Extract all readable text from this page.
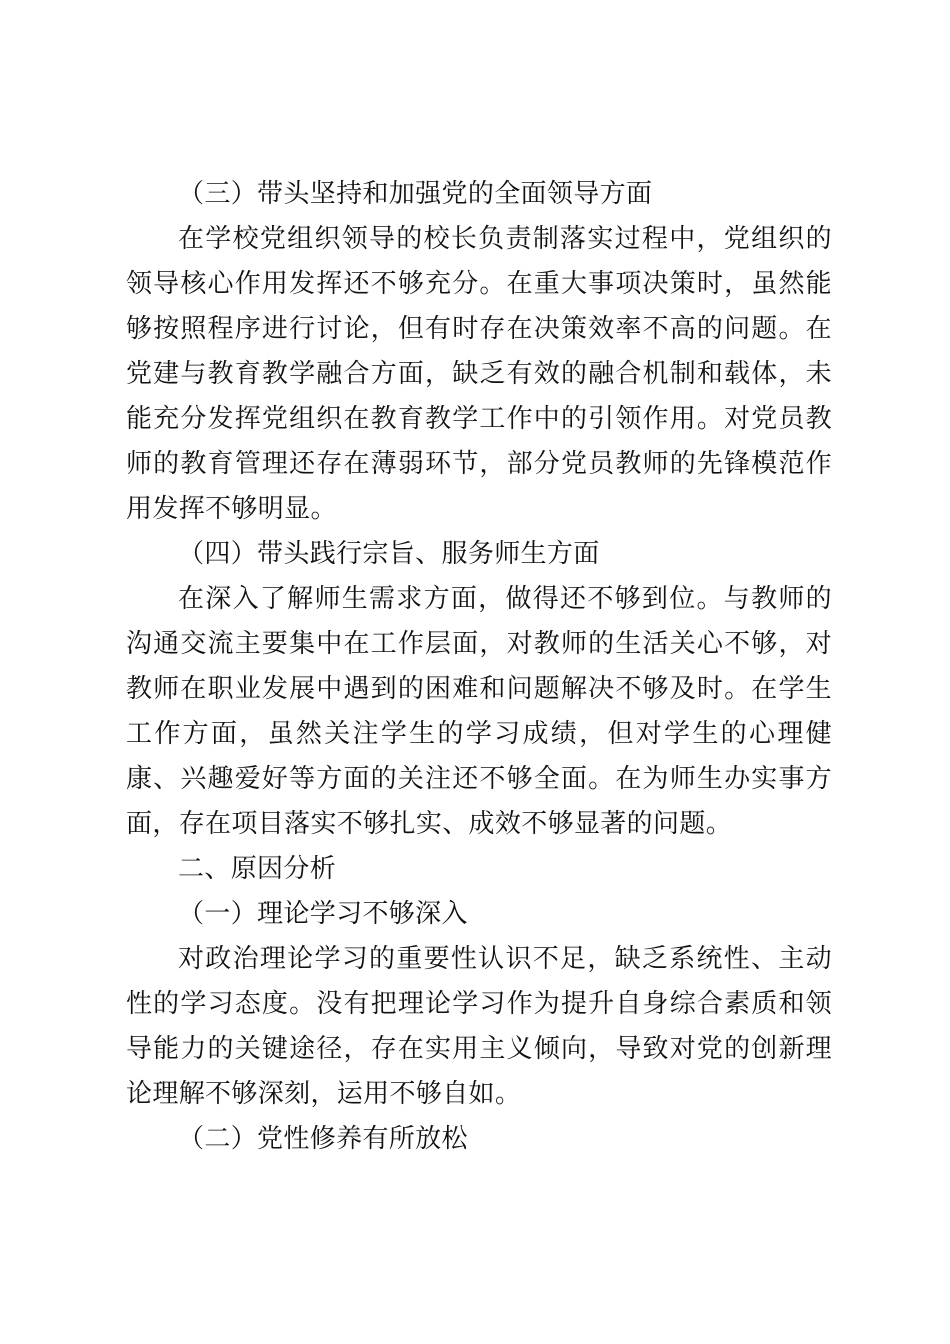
（三）带头坚持和加强党的全面领导方面

在学校党组织领导的校长负责制落实过程中，党组织的领导核心作用发挥还不够充分。在重大事项决策时，虽然能够按照程序进行讨论，但有时存在决策效率不高的问题。在党建与教育教学融合方面，缺乏有效的融合机制和载体，未能充分发挥党组织在教育教学工作中的引领作用。对党员教师的教育管理还存在薄弱环节，部分党员教师的先锋模范作用发挥不够明显。

（四）带头践行宗旨、服务师生方面

在深入了解师生需求方面，做得还不够到位。与教师的沟通交流主要集中在工作层面，对教师的生活关心不够，对教师在职业发展中遇到的困难和问题解决不够及时。在学生工作方面，虽然关注学生的学习成绩，但对学生的心理健康、兴趣爱好等方面的关注还不够全面。在为师生办实事方面，存在项目落实不够扎实、成效不够显著的问题。

二、原因分析

（一）理论学习不够深入

对政治理论学习的重要性认识不足，缺乏系统性、主动性的学习态度。没有把理论学习作为提升自身综合素质和领导能力的关键途径，存在实用主义倾向，导致对党的创新理论理解不够深刻，运用不够自如。

（二）党性修养有所放松
